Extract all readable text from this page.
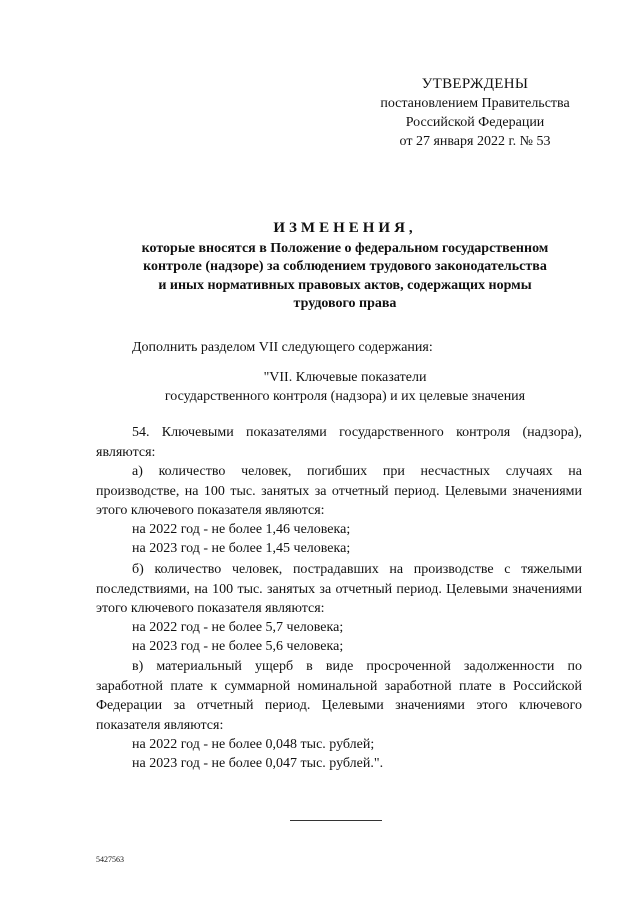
УТВЕРЖДЕНЫ
постановлением Правительства
Российской Федерации
от 27 января 2022 г. № 53
ИЗМЕНЕНИЯ,
которые вносятся в Положение о федеральном государственном
контроле (надзоре) за соблюдением трудового законодательства
и иных нормативных правовых актов, содержащих нормы
трудового права
Дополнить разделом VII следующего содержания:
"VII. Ключевые показатели
государственного контроля (надзора) и их целевые значения
54. Ключевыми показателями государственного контроля (надзора), являются:
а) количество человек, погибших при несчастных случаях на производстве, на 100 тыс. занятых за отчетный период. Целевыми значениями этого ключевого показателя являются:
на 2022 год - не более 1,46 человека;
на 2023 год - не более 1,45 человека;
б) количество человек, пострадавших на производстве с тяжелыми последствиями, на 100 тыс. занятых за отчетный период. Целевыми значениями этого ключевого показателя являются:
на 2022 год - не более 5,7 человека;
на 2023 год - не более 5,6 человека;
в) материальный ущерб в виде просроченной задолженности по заработной плате к суммарной номинальной заработной плате в Российской Федерации за отчетный период. Целевыми значениями этого ключевого показателя являются:
на 2022 год - не более 0,048 тыс. рублей;
на 2023 год - не более 0,047 тыс. рублей.".
5427563
